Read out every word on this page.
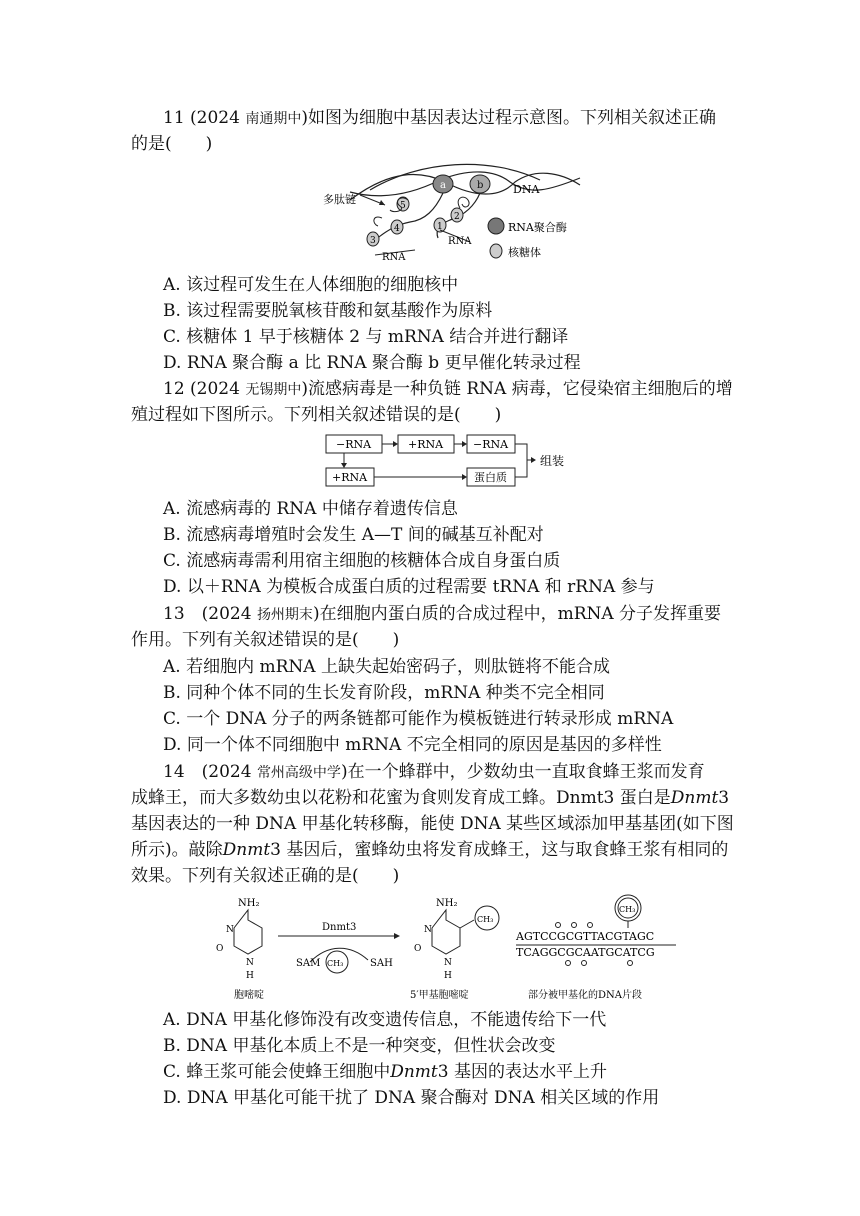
11 (2024 南通期中)如图为细胞中基因表达过程示意图。下列相关叙述正确
的是(　　)
a	b	DNA
5
4
3
2
1
多肽链
RNA
RNA
RNA聚合酶
核糖体
A. 该过程可发生在人体细胞的细胞核中
B. 该过程需要脱氧核苷酸和氨基酸作为原料
C. 核糖体 1 早于核糖体 2 与 mRNA 结合并进行翻译
D. RNA 聚合酶 a 比 RNA 聚合酶 b 更早催化转录过程
12 (2024 无锡期中)流感病毒是一种负链 RNA 病毒，它侵染宿主细胞后的增
殖过程如下图所示。下列相关叙述错误的是(　　)
−RNA	+RNA	−RNA
+RNA	蛋白质
组装
A. 流感病毒的 RNA 中储存着遗传信息
B. 流感病毒增殖时会发生 A—T 间的碱基互补配对
C. 流感病毒需利用宿主细胞的核糖体合成自身蛋白质
D. 以＋RNA 为模板合成蛋白质的过程需要 tRNA 和 rRNA 参与
13　(2024 扬州期末)在细胞内蛋白质的合成过程中，mRNA 分子发挥重要
作用。下列有关叙述错误的是(　　)
A. 若细胞内 mRNA 上缺失起始密码子，则肽链将不能合成
B. 同种个体不同的生长发育阶段，mRNA 种类不完全相同
C. 一个 DNA 分子的两条链都可能作为模板链进行转录形成 mRNA
D. 同一个体不同细胞中 mRNA 不完全相同的原因是基因的多样性
14　(2024 常州高级中学)在一个蜂群中，少数幼虫一直取食蜂王浆而发育
成蜂王，而大多数幼虫以花粉和花蜜为食则发育成工蜂。Dnmt3 蛋白是Dnmt3
基因表达的一种 DNA 甲基化转移酶，能使 DNA 某些区域添加甲基基团(如下图
所示)。敲除Dnmt3 基因后，蜜蜂幼虫将发育成蜂王，这与取食蜂王浆有相同的
效果。下列有关叙述正确的是(　　)
NH₂
N
N
H
O
胞嘧啶
Dnmt3
CH₃
SAM	SAH
NH₂
N
N
H
O
CH₃
5′甲基胞嘧啶
CH₃
AGTCCGCGTTACGTAGC
TCAGGCGCAATGCATCG
部分被甲基化的DNA片段
A. DNA 甲基化修饰没有改变遗传信息，不能遗传给下一代
B. DNA 甲基化本质上不是一种突变，但性状会改变
C. 蜂王浆可能会使蜂王细胞中Dnmt3 基因的表达水平上升
D. DNA 甲基化可能干扰了 DNA 聚合酶对 DNA 相关区域的作用
